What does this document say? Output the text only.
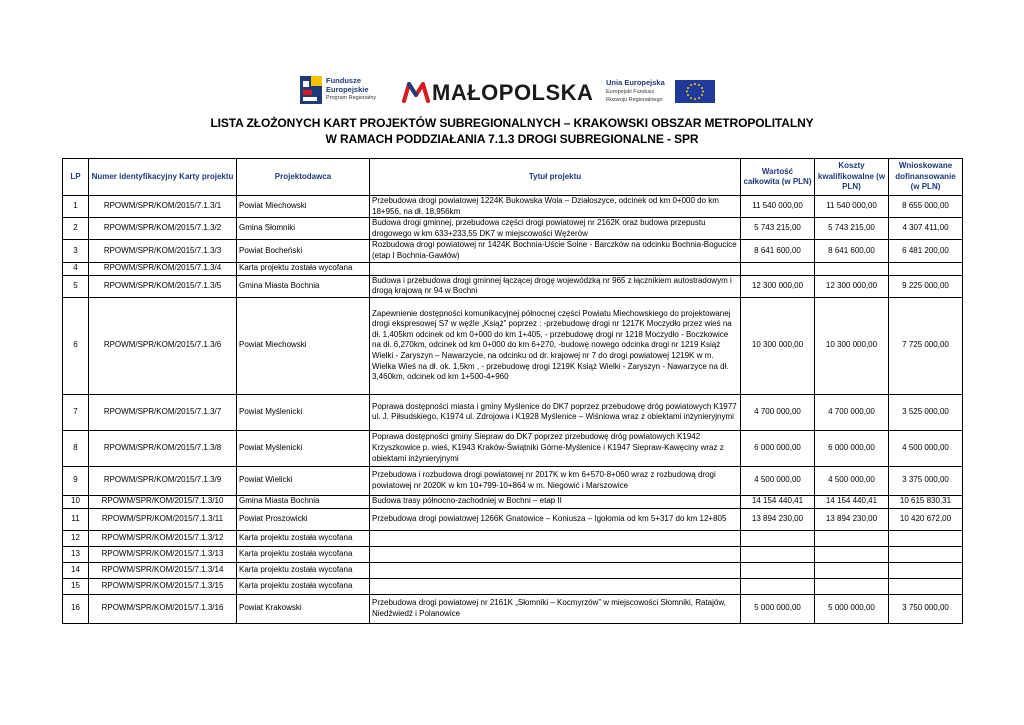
Fundusze
Europejskie
Program Regionalny	MAŁOPOLSKA Unia Europejska
Europejski Fundusz
Rozwoju Regionalnego
LISTA ZŁOŻONYCH KART PROJEKTÓW SUBREGIONALNYCH – KRAKOWSKI OBSZAR METROPOLITALNY
W RAMACH PODDZIAŁANIA 7.1.3 DROGI SUBREGIONALNE - SPR
LP	Numer identyfikacyjny Karty projektu	Projektodawca	Tytuł projektu	Wartość całkowita (w PLN)	Koszty kwalifikowalne (w PLN)	Wnioskowane dofinansowanie (w PLN)
1	RPOWM/SPR/KOM/2015/7.1.3/1	Powiat Miechowski	Przebudowa drogi powiatowej 1224K Bukowska Wola – Działoszyce, odcinek od km 0+000 do km 18+956, na dł. 18,956km	11 540 000,00	11 540 000,00	8 655 000,00
2	RPOWM/SPR/KOM/2015/7.1.3/2	Gmina Słomniki	Budowa drogi gminnej, przebudowa części drogi powiatowej nr 2162K oraz budowa przepustu drogowego w km 633+233,55 DK7 w miejscowości Wężerów	5 743 215,00	5 743 215,00	4 307 411,00
3	RPOWM/SPR/KOM/2015/7.1.3/3	Powiat Bocheński	Rozbudowa drogi powiatowej nr 1424K Bochnia-Uście Solne - Barczków na odcinku Bochnia-Bogucice (etap I Bochnia-Gawłów)	8 641 600,00	8 641 600,00	6 481 200,00
4	RPOWM/SPR/KOM/2015/7.1.3/4	Karta projektu została wycofana				
5	RPOWM/SPR/KOM/2015/7.1.3/5	Gmina Miasta Bochnia	Budowa i przebudowa drogi gminnej łączącej drogę wojewódzką nr 965 z łącznikiem autostradowym i drogą krajową nr 94 w Bochni	12 300 000,00	12 300 000,00	9 225 000,00
6	RPOWM/SPR/KOM/2015/7.1.3/6	Powiat Miechowski	Zapewnienie dostępności komunikacyjnej północnej części Powiatu Miechowskiego do projektowanej drogi ekspresowej S7 w węźle „Książ” poprzez : -przebudowę drogi nr 1217K Moczydło przez wieś na dł. 1,405km odcinek od km 0+000 do km 1+405, - przebudowę drogi nr 1218 Moczydło - Boczkowice na dł. 6,270km, odcinek od km 0+000 do km 6+270, -budowę nowego odcinka drogi nr 1219 Książ Wielki - Zaryszyn – Nawarzycie, na odcinku od dr. krajowej nr 7 do drogi powiatowej 1219K w m. Wielka Wieś na dł. ok. 1,5km , - przebudowę drogi 1219K Książ Wielki - Zaryszyn - Nawarzyce na dł. 3,460km, odcinek od km 1+500-4+960	10 300 000,00	10 300 000,00	7 725 000,00
7	RPOWM/SPR/KOM/2015/7.1.3/7	Powiat Myślenicki	Poprawa dostępności miasta i gminy Myślenice do DK7 poprzez przebudowę dróg powiatowych K1977 ul. J. Piłsudskiego, K1974 ul. Zdrojowa i K1928 Myślenice – Wiśniowa wraz z obiektami inżynieryjnymi	4 700 000,00	4 700 000,00	3 525 000,00
8	RPOWM/SPR/KOM/2015/7.1.3/8	Powiat Myślenicki	Poprawa dostępności gminy Siepraw do DK7 poprzez przebudowę dróg powiatowych K1942 Krzyszkowice p. wieś, K1943 Kraków-Świątniki Górne-Myślenice i K1947 Siepraw-Kawęciny wraz z obiektami inżynieryjnymi	6 000 000,00	6 000 000,00	4 500 000,00
9	RPOWM/SPR/KOM/2015/7.1.3/9	Powiat Wielicki	Przebudowa i rozbudowa drogi powiatowej nr 2017K w km 6+570-8+060 wraz z rozbudową drogi powiatowej nr 2020K w km 10+799-10+864 w m. Niegowić i Marszowice	4 500 000,00	4 500 000,00	3 375 000,00
10	RPOWM/SPR/KOM/2015/7.1.3/10	Gmina Miasta Bochnia	Budowa trasy północno-zachodniej w Bochni – etap II	14 154 440,41	14 154 440,41	10 615 830,31
11	RPOWM/SPR/KOM/2015/7.1.3/11	Powiat Proszowicki	Przebudowa drogi powiatowej 1266K Gnatowice – Koniusza – Igołomia od km 5+317 do km 12+805	13 894 230,00	13 894 230,00	10 420 672,00
12	RPOWM/SPR/KOM/2015/7.1.3/12	Karta projektu została wycofana				
13	RPOWM/SPR/KOM/2015/7.1.3/13	Karta projektu została wycofana				
14	RPOWM/SPR/KOM/2015/7.1.3/14	Karta projektu została wycofana				
15	RPOWM/SPR/KOM/2015/7.1.3/15	Karta projektu została wycofana				
16	RPOWM/SPR/KOM/2015/7.1.3/16	Powiat Krakowski	Przebudowa drogi powiatowej nr 2161K „Słomniki – Kocmyrzów” w miejscowości Słomniki, Ratajów, Niedźwiedź i Polanowice	5 000 000,00	5 000 000,00	3 750 000,00
